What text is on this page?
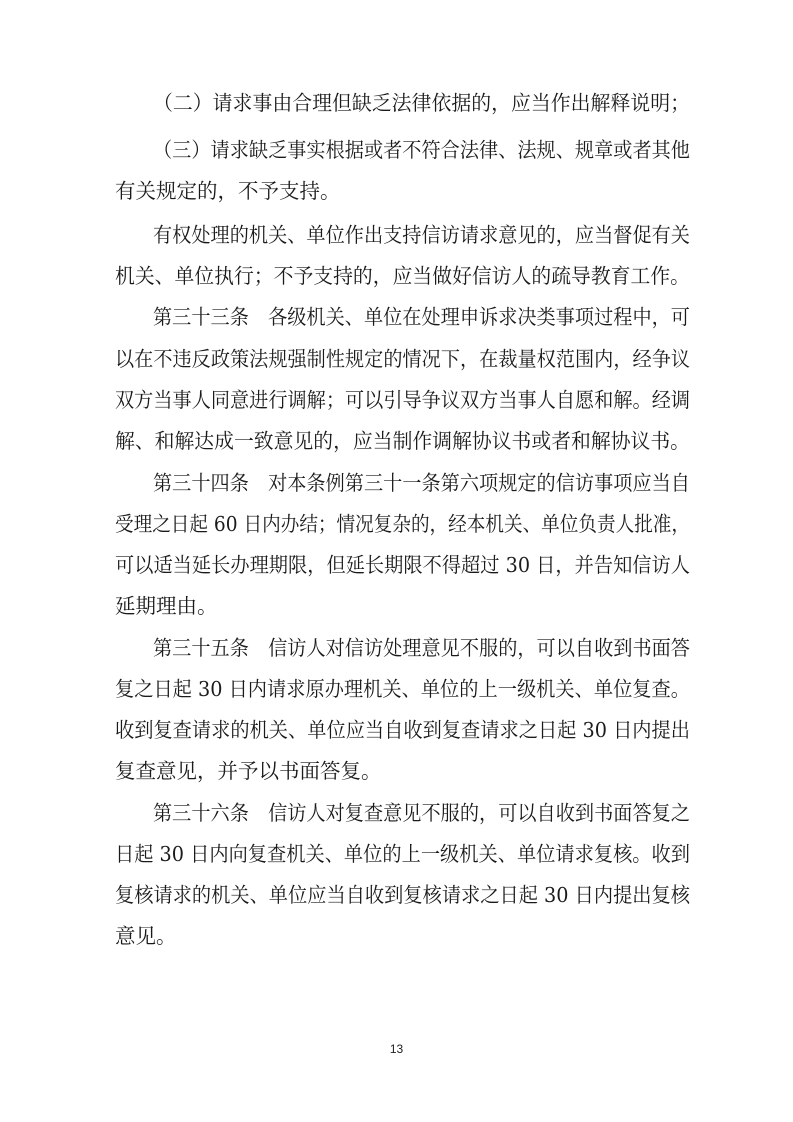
（二）请求事由合理但缺乏法律依据的，应当作出解释说明；
（三）请求缺乏事实根据或者不符合法律、法规、规章或者其他
有关规定的，不予支持。
有权处理的机关、单位作出支持信访请求意见的，应当督促有关
机关、单位执行；不予支持的，应当做好信访人的疏导教育工作。
第三十三条　各级机关、单位在处理申诉求决类事项过程中，可
以在不违反政策法规强制性规定的情况下，在裁量权范围内，经争议
双方当事人同意进行调解；可以引导争议双方当事人自愿和解。经调
解、和解达成一致意见的，应当制作调解协议书或者和解协议书。
第三十四条　对本条例第三十一条第六项规定的信访事项应当自
受理之日起 60 日内办结；情况复杂的，经本机关、单位负责人批准，
可以适当延长办理期限，但延长期限不得超过 30 日，并告知信访人
延期理由。
第三十五条　信访人对信访处理意见不服的，可以自收到书面答
复之日起 30 日内请求原办理机关、单位的上一级机关、单位复查。
收到复查请求的机关、单位应当自收到复查请求之日起 30 日内提出
复查意见，并予以书面答复。
第三十六条　信访人对复查意见不服的，可以自收到书面答复之
日起 30 日内向复查机关、单位的上一级机关、单位请求复核。收到
复核请求的机关、单位应当自收到复核请求之日起 30 日内提出复核
意见。
13
